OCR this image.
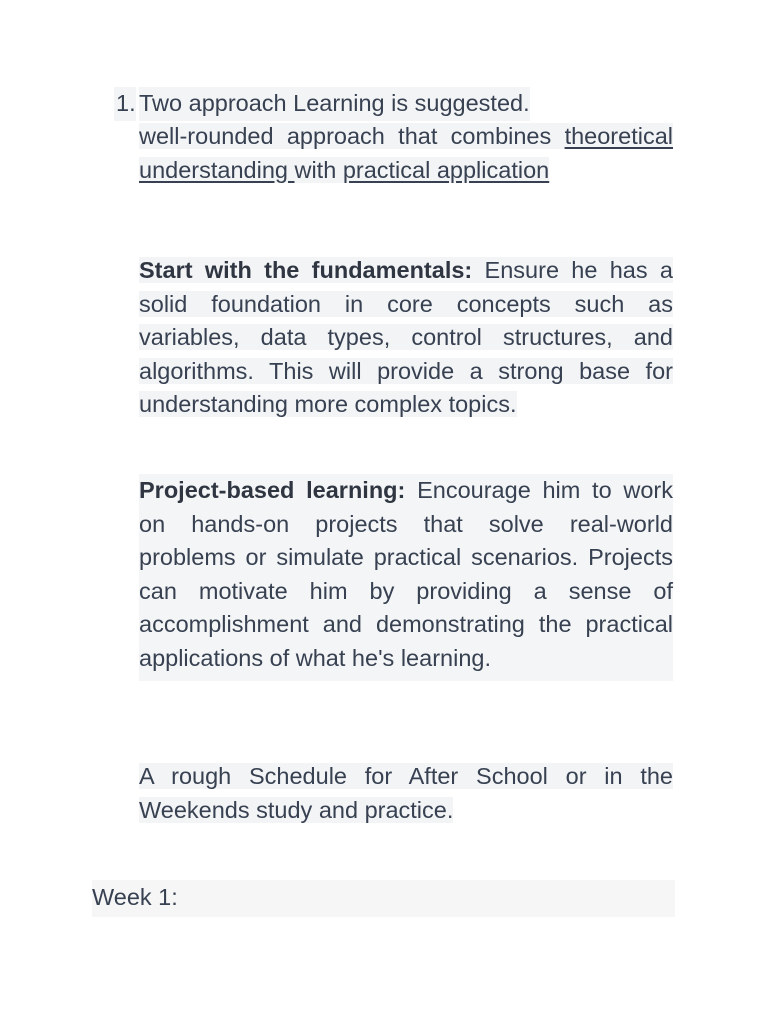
1. Two approach Learning is suggested.
well-rounded approach that combines theoretical understanding with practical application
Start with the fundamentals: Ensure he has a solid foundation in core concepts such as variables, data types, control structures, and algorithms. This will provide a strong base for understanding more complex topics.
Project-based learning: Encourage him to work on hands-on projects that solve real-world problems or simulate practical scenarios. Projects can motivate him by providing a sense of accomplishment and demonstrating the practical applications of what he's learning.
A rough Schedule for After School or in the Weekends study and practice.
Week 1:
